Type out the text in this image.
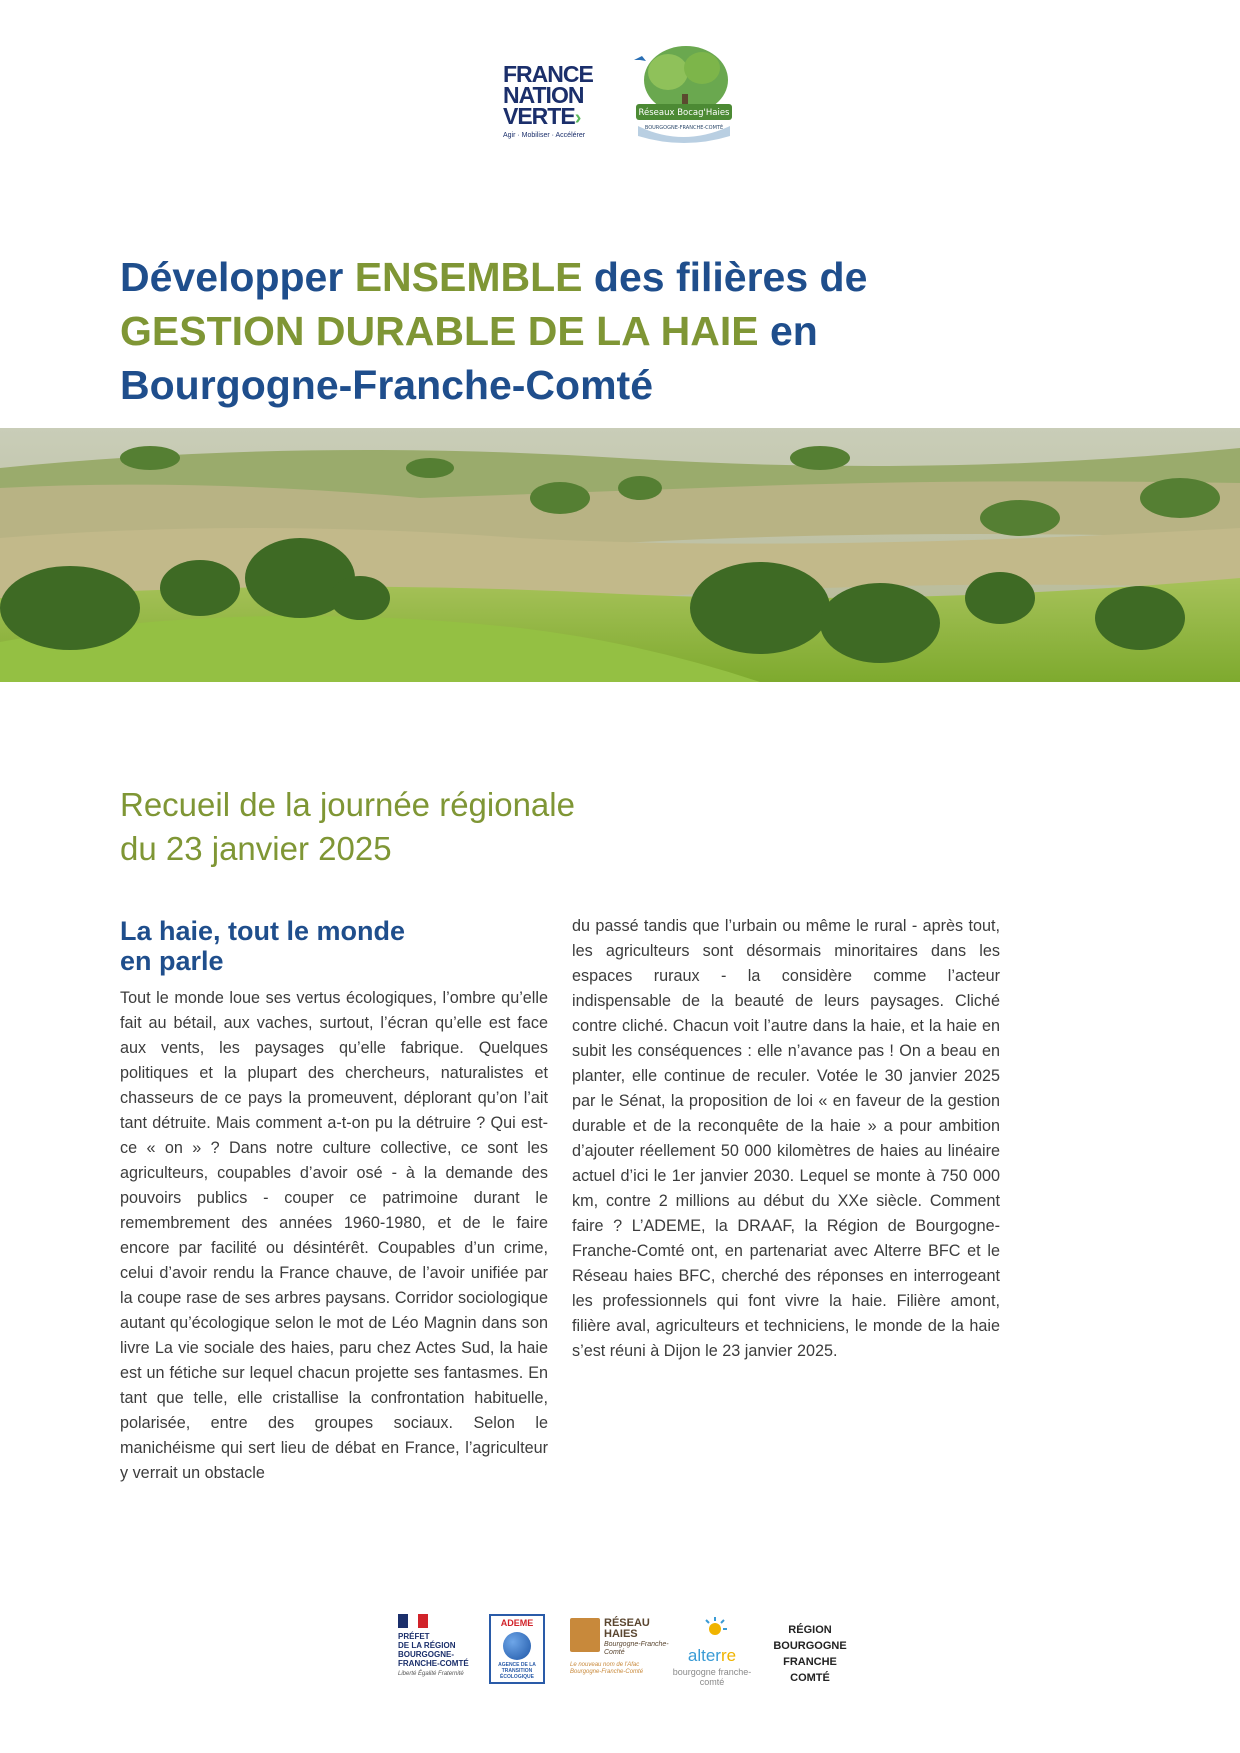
FRANCE
NATION
VERTE›
Agir · Mobiliser · Accélérer
Réseaux Bocag'Haies
BOURGOGNE-FRANCHE-COMTÉ
Développer ENSEMBLE des filières de
GESTION DURABLE DE LA HAIE en
Bourgogne-Franche-Comté
Recueil de la journée régionale
du 23 janvier 2025
La haie, tout le monde
en parle

Tout le monde loue ses vertus écologiques, l’ombre qu’elle fait au bétail, aux vaches, surtout, l’écran qu’elle est face aux vents, les paysages qu’elle fabrique. Quelques politiques et la plupart des chercheurs, naturalistes et chasseurs de ce pays la promeuvent, déplorant qu’on l’ait tant détruite. Mais comment a-t-on pu la détruire ? Qui est-ce « on » ? Dans notre culture collective, ce sont les agriculteurs, coupables d’avoir osé - à la demande des pouvoirs publics - couper ce patrimoine durant le remembrement des années 1960-1980, et de le faire encore par facilité ou désintérêt. Coupables d’un crime, celui d’avoir rendu la France chauve, de l’avoir unifiée par la coupe rase de ses arbres paysans. Corridor sociologique autant qu’écologique selon le mot de Léo Magnin dans son livre La vie sociale des haies, paru chez Actes Sud, la haie est un fétiche sur lequel chacun projette ses fantasmes. En tant que telle, elle cristallise la confrontation habituelle, polarisée, entre des groupes sociaux. Selon le manichéisme qui sert lieu de débat en France, l’agriculteur y verrait un obstacle

du passé tandis que l’urbain ou même le rural - après tout, les agriculteurs sont désormais minoritaires dans les espaces ruraux - la considère comme l’acteur indispensable de la beauté de leurs paysages. Cliché contre cliché. Chacun voit l’autre dans la haie, et la haie en subit les conséquences : elle n’avance pas ! On a beau en planter, elle continue de reculer. Votée le 30 janvier 2025 par le Sénat, la proposition de loi « en faveur de la gestion durable et de la reconquête de la haie » a pour ambition d’ajouter réellement 50 000 kilomètres de haies au linéaire actuel d’ici le 1er janvier 2030. Lequel se monte à 750 000 km, contre 2 millions au début du XXe siècle. Comment faire ? L’ADEME, la DRAAF, la Région de Bourgogne-Franche-Comté ont, en partenariat avec Alterre BFC et le Réseau haies BFC, cherché des réponses en interrogeant les professionnels qui font vivre la haie. Filière amont, filière aval, agriculteurs et techniciens, le monde de la haie s’est réuni à Dijon le 23 janvier 2025.

PRÉFET
DE LA RÉGION
BOURGOGNE-
FRANCHE-COMTÉ
Liberté Égalité Fraternité
ADEME
AGENCE DE LA TRANSITION ÉCOLOGIQUE
RÉSEAU HAIES
Bourgogne-Franche-Comté
Le nouveau nom de l'Afac Bourgogne-Franche-Comté
alterre
bourgogne franche-comté
RÉGION
BOURGOGNE
FRANCHE
COMTÉ
